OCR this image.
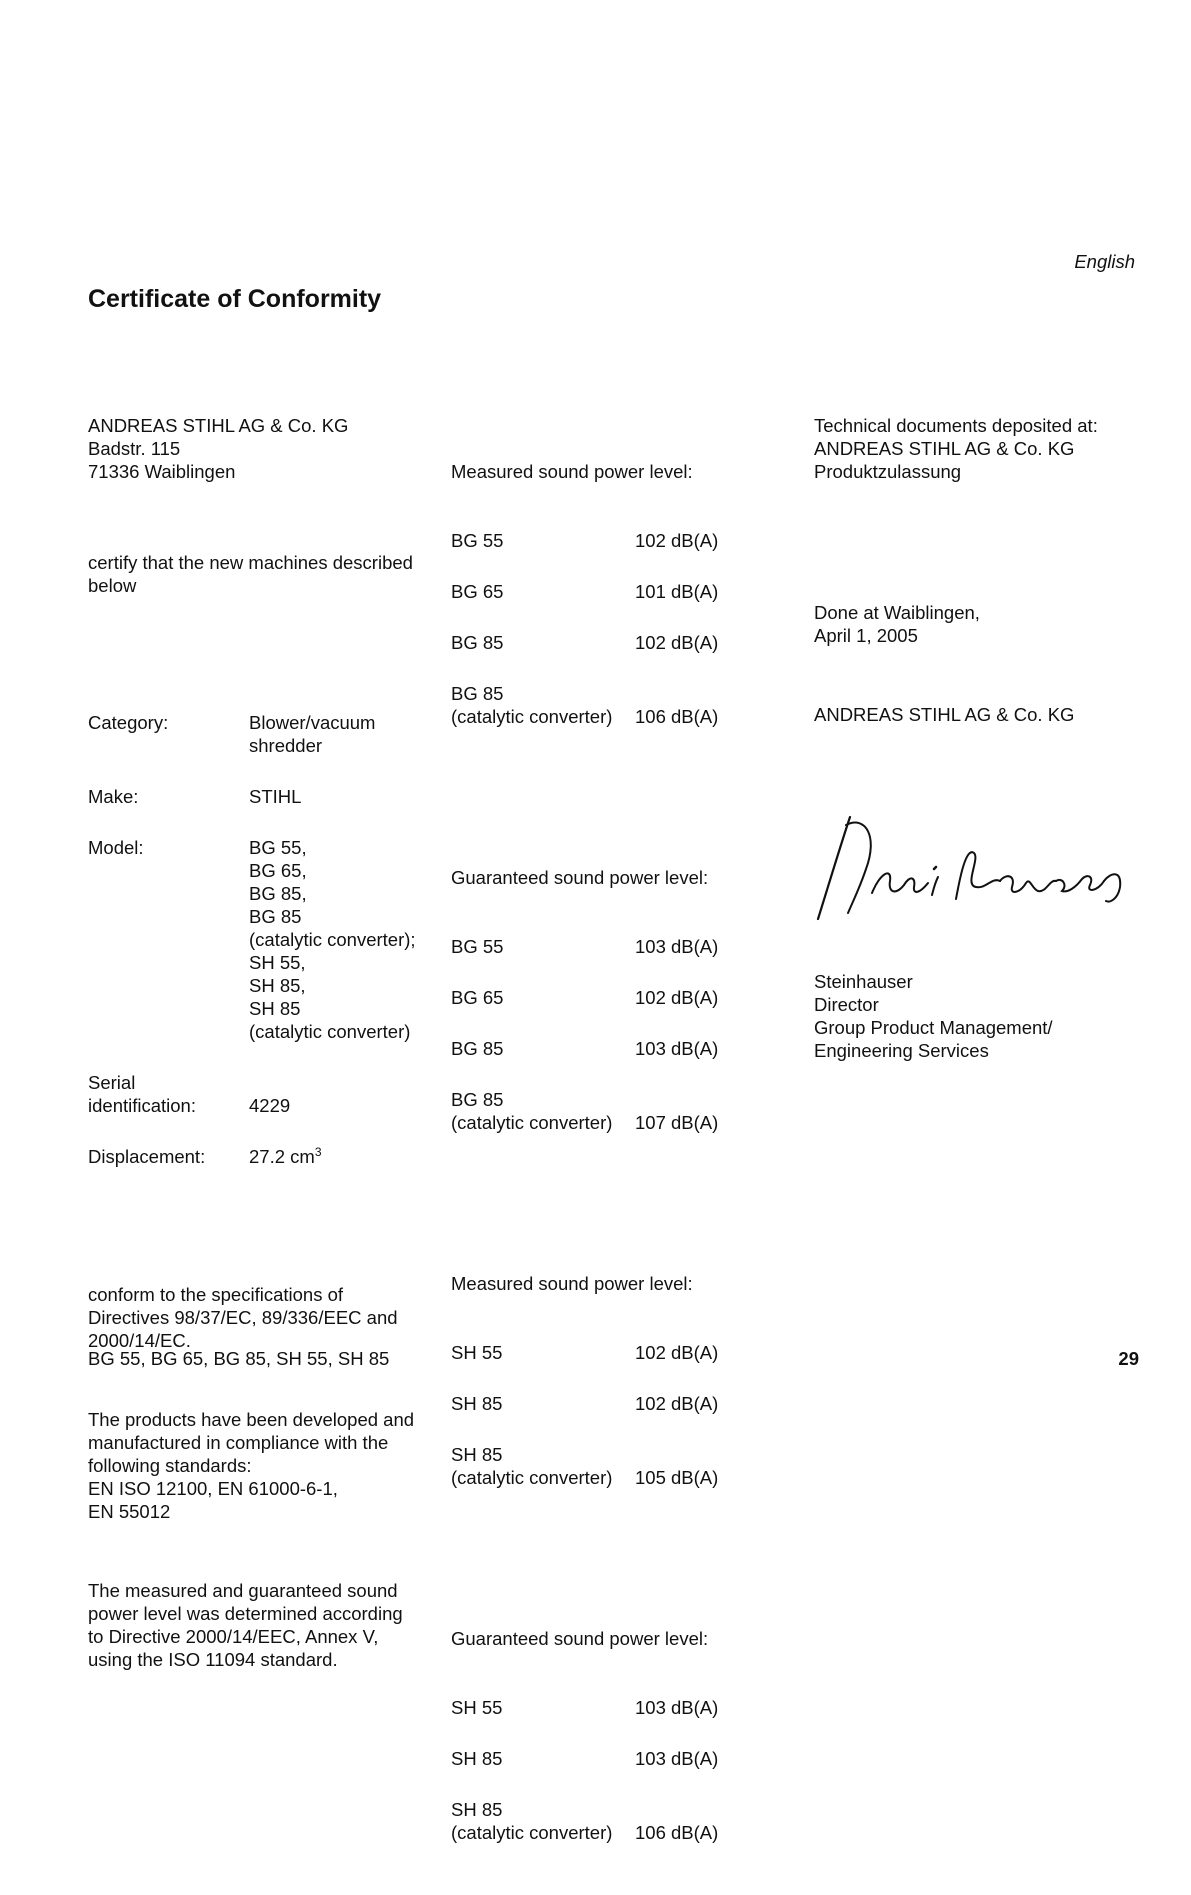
English

Certificate of Conformity

ANDREAS STIHL AG & Co. KG
Badstr. 115
71336 Waiblingen

certify that the new machines described
below

Category:	Blower/vacuum
shredder

Make:	STIHL

Model:	BG 55,
BG 65,
BG 85,
BG 85
(catalytic converter);
SH 55,
SH 85,
SH 85
(catalytic converter)

Serial
identification:	
4229

Displacement:	27.2 $cm^3$

conform to the specifications of
Directives 98/37/EC, 89/336/EEC and
2000/14/EC.

The products have been developed and
manufactured in compliance with the
following standards:
EN ISO 12100, EN 61000-6-1,
EN 55012

The measured and guaranteed sound
power level was determined according
to Directive 2000/14/EEC, Annex V,
using the ISO 11094 standard.

Measured sound power level:

BG 55	102 dB(A)

BG 65	101 dB(A)

BG 85	102 dB(A)

BG 85
(catalytic converter)	
106 dB(A)

Guaranteed sound power level:

BG 55	103 dB(A)

BG 65	102 dB(A)

BG 85	103 dB(A)

BG 85
(catalytic converter)	
107 dB(A)

Measured sound power level:

SH 55	102 dB(A)

SH 85	102 dB(A)

SH 85
(catalytic converter)	
105 dB(A)

Guaranteed sound power level:

SH 55	103 dB(A)

SH 85	103 dB(A)

SH 85
(catalytic converter)	
106 dB(A)

Technical documents deposited at:
ANDREAS STIHL AG & Co. KG
Produktzulassung

Done at Waiblingen,
April 1, 2005

ANDREAS STIHL AG & Co. KG

Steinhauser
Director
Group Product Management/
Engineering Services

BG 55, BG 65, BG 85, SH 55, SH 85	29
